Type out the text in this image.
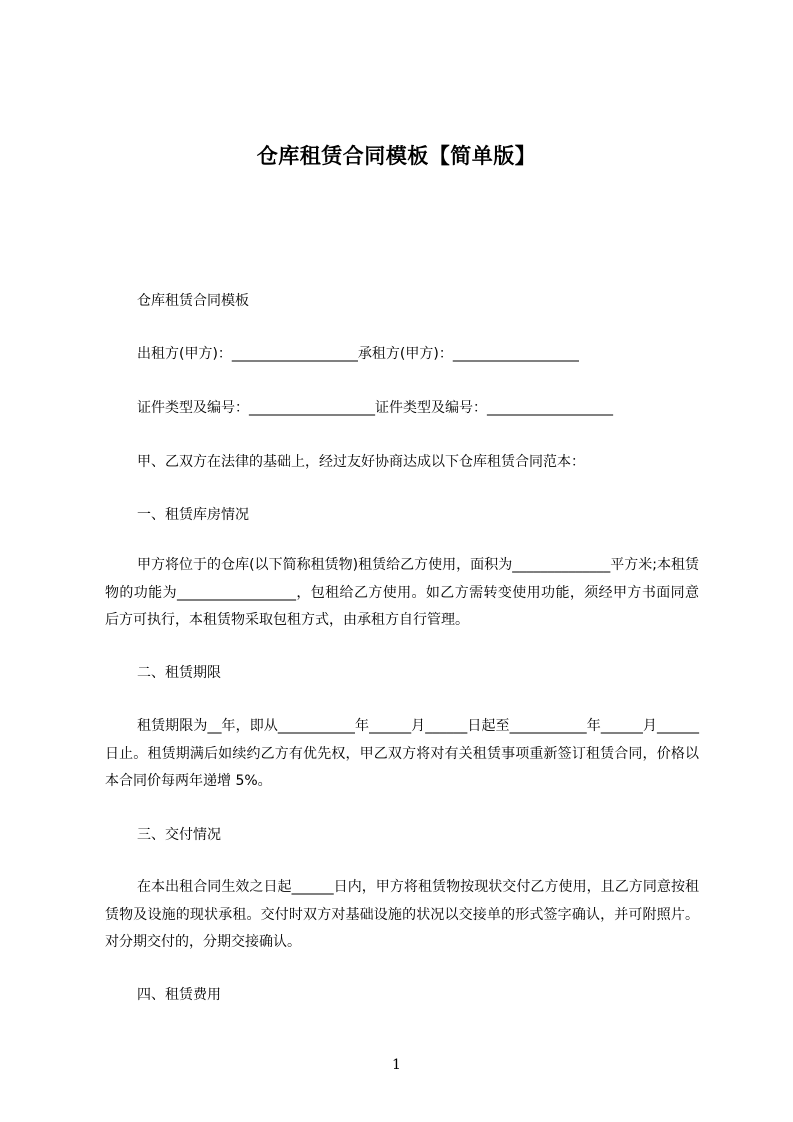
仓库租赁合同模板【简单版】
仓库租赁合同模板
出租方(甲方)：__________________承租方(甲方)：__________________
证件类型及编号：__________________证件类型及编号：__________________
甲、乙双方在法律的基础上，经过友好协商达成以下仓库租赁合同范本：
一、租赁库房情况
甲方将位于的仓库(以下简称租赁物)租赁给乙方使用，面积为______________平方米;本租赁物的功能为_________________，包租给乙方使用。如乙方需转变使用功能，须经甲方书面同意后方可执行，本租赁物采取包租方式，由承租方自行管理。
二、租赁期限
租赁期限为__年，即从___________年______月______日起至___________年______月______日止。租赁期满后如续约乙方有优先权，甲乙双方将对有关租赁事项重新签订租赁合同，价格以本合同价每两年递增 5%。
三、交付情况
在本出租合同生效之日起______日内，甲方将租赁物按现状交付乙方使用，且乙方同意按租赁物及设施的现状承租。交付时双方对基础设施的状况以交接单的形式签字确认，并可附照片。对分期交付的，分期交接确认。
四、租赁费用
1
